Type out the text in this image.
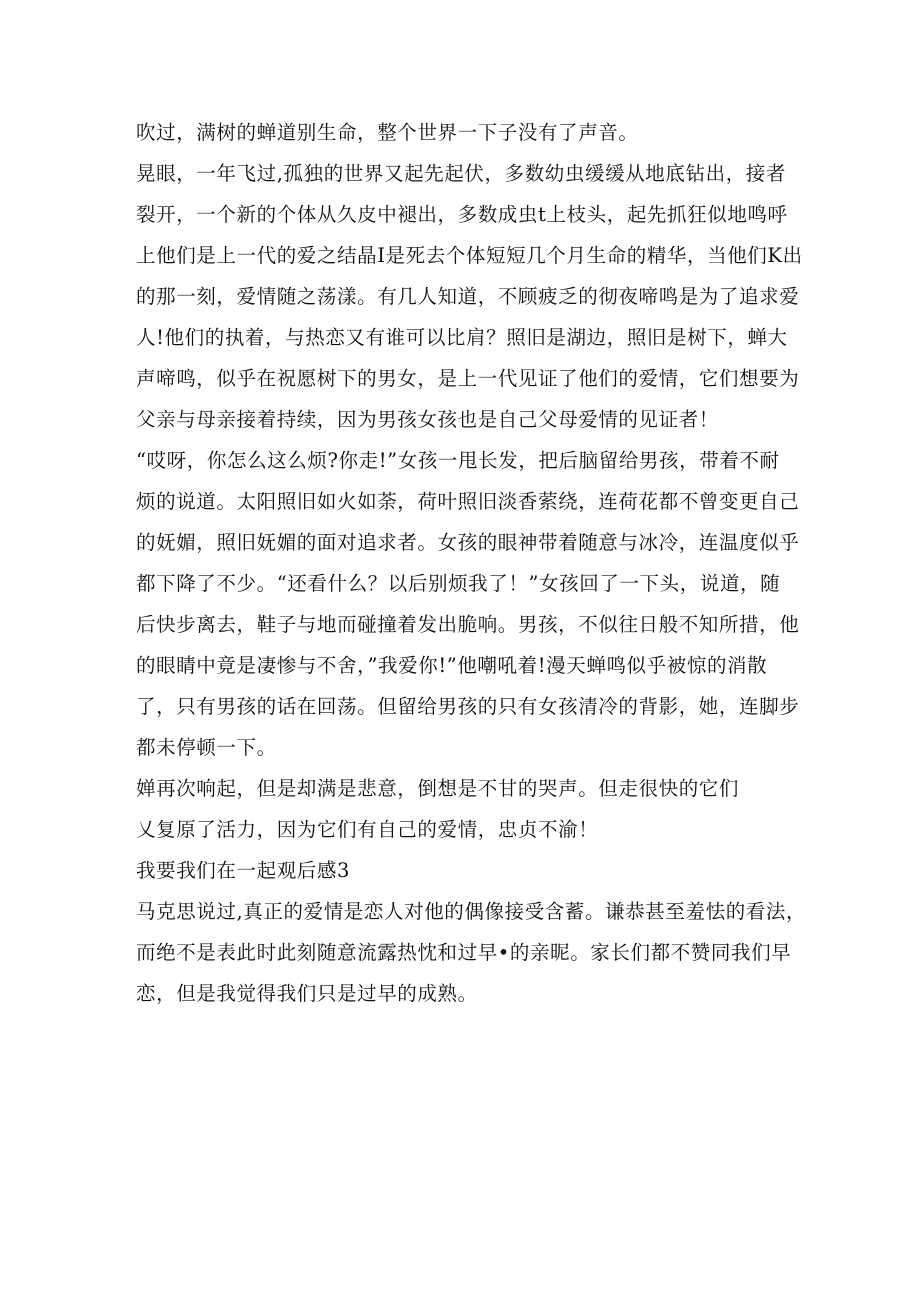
吹过，满树的蝉道别生命，整个世界一下子没有了声音。

晃眼，一年飞过,孤独的世界又起先起伏，多数幼虫缓缓从地底钻出，接者

裂开，一个新的个体从久皮中褪出，多数成虫t上枝头，起先抓狂似地鸣呼

上他们是上一代的爱之结晶I是死去个体短短几个月生命的精华，当他们K出

的那一刻，爱情随之荡漾。有几人知道，不顾疲乏的彻夜啼鸣是为了追求爱

人!他们的执着，与热恋又有谁可以比肩？照旧是湖边，照旧是树下，蝉大

声啼鸣，似乎在祝愿树下的男女，是上一代见证了他们的爱情，它们想要为

父亲与母亲接着持续，因为男孩女孩也是自己父母爱情的见证者！

“哎呀，你怎么这么烦?你走!”女孩一甩长发，把后脑留给男孩，带着不耐

烦的说道。太阳照旧如火如荼，荷叶照旧淡香萦绕，连荷花都不曾变更自己

的妩媚，照旧妩媚的面对追求者。女孩的眼神带着随意与冰冷，连温度似乎

都下降了不少。“还看什么？以后别烦我了！”女孩回了一下头，说道，随

后快步离去，鞋子与地而碰撞着发出脆响。男孩，不似往日般不知所措，他

的眼睛中竟是凄惨与不舍，”我爱你!”他嘲吼着!漫天蝉鸣似乎被惊的消散

了，只有男孩的话在回荡。但留给男孩的只有女孩清冷的背影，她，连脚步

都未停顿一下。

婵再次响起，但是却满是悲意，倒想是不甘的哭声。但走很快的它们

乂复原了活力，因为它们有自己的爱情，忠贞不渝！

我要我们在一起观后感3

马克思说过,真正的爱情是恋人对他的偶像接受含蓄。谦恭甚至羞怯的看法，

而绝不是表此时此刻随意流露热忱和过早•的亲昵。家长们都不赞同我们早

恋，但是我觉得我们只是过早的成熟。
